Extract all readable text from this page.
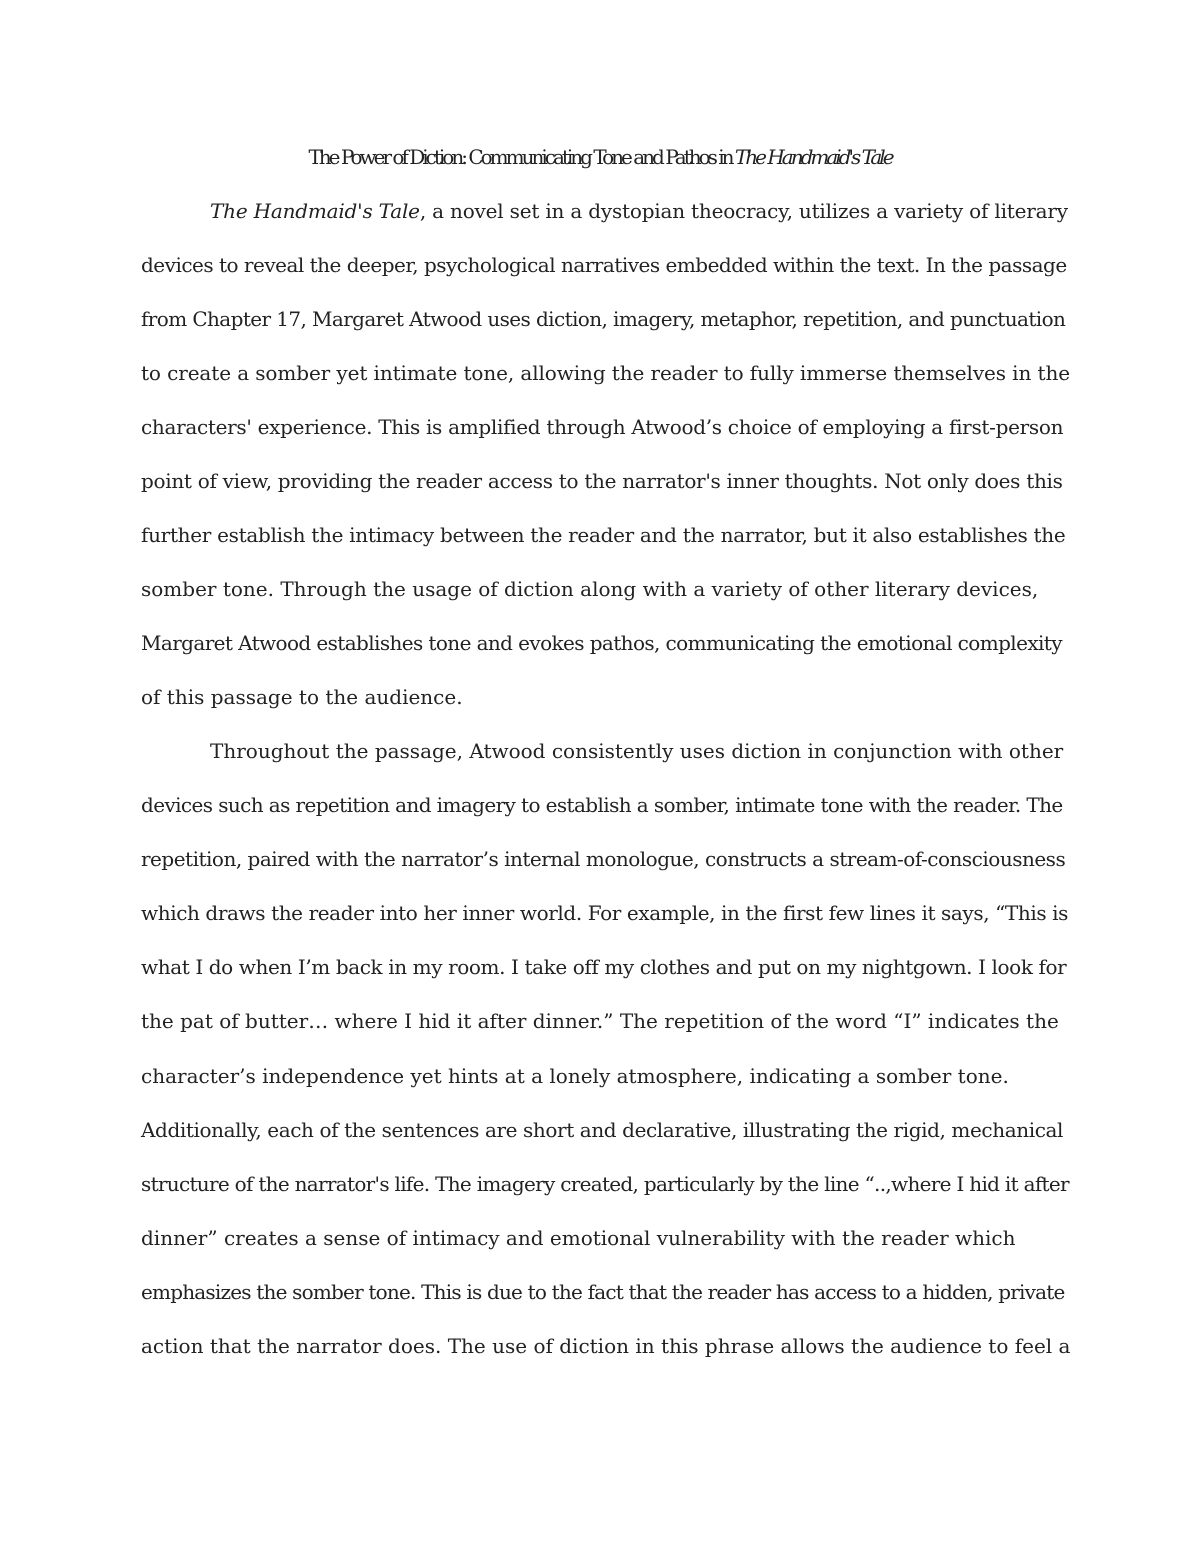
The Power of Diction: Communicating Tone and Pathos in The Handmaid's Tale
The Handmaid's Tale, a novel set in a dystopian theocracy, utilizes a variety of literary
devices to reveal the deeper, psychological narratives embedded within the text. In the passage
from Chapter 17, Margaret Atwood uses diction, imagery, metaphor, repetition, and punctuation
to create a somber yet intimate tone, allowing the reader to fully immerse themselves in the
characters' experience. This is amplified through Atwood’s choice of employing a first-person
point of view, providing the reader access to the narrator's inner thoughts. Not only does this
further establish the intimacy between the reader and the narrator, but it also establishes the
somber tone. Through the usage of diction along with a variety of other literary devices,
Margaret Atwood establishes tone and evokes pathos, communicating the emotional complexity
of this passage to the audience.
Throughout the passage, Atwood consistently uses diction in conjunction with other
devices such as repetition and imagery to establish a somber, intimate tone with the reader. The
repetition, paired with the narrator’s internal monologue, constructs a stream-of-consciousness
which draws the reader into her inner world. For example, in the first few lines it says, “This is
what I do when I’m back in my room. I take off my clothes and put on my nightgown. I look for
the pat of butter… where I hid it after dinner.” The repetition of the word “I” indicates the
character’s independence yet hints at a lonely atmosphere, indicating a somber tone.
Additionally, each of the sentences are short and declarative, illustrating the rigid, mechanical
structure of the narrator's life. The imagery created, particularly by the line “..,where I hid it after
dinner” creates a sense of intimacy and emotional vulnerability with the reader which
emphasizes the somber tone. This is due to the fact that the reader has access to a hidden, private
action that the narrator does. The use of diction in this phrase allows the audience to feel a
